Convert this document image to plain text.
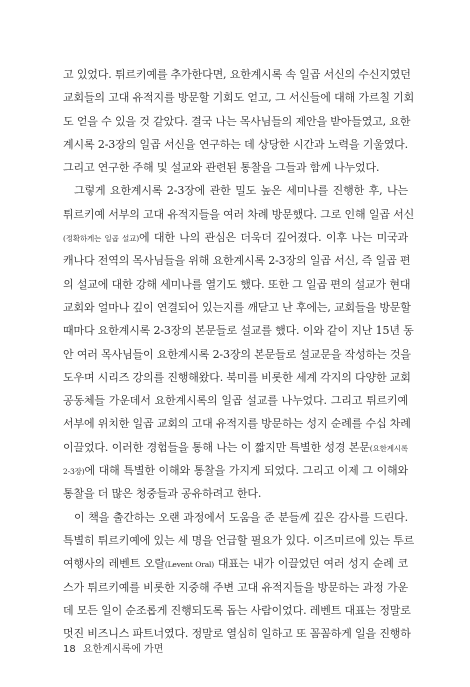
고 있었다. 튀르키예를 추가한다면, 요한계시록 속 일곱 서신의 수신지였던
교회들의 고대 유적지를 방문할 기회도 얻고, 그 서신들에 대해 가르칠 기회
도 얻을 수 있을 것 같았다. 결국 나는 목사님들의 제안을 받아들였고, 요한
계시록 2-3장의 일곱 서신을 연구하는 데 상당한 시간과 노력을 기울였다.
그리고 연구한 주해 및 설교와 관련된 통찰을 그들과 함께 나누었다.
그렇게 요한계시록 2-3장에 관한 밀도 높은 세미나를 진행한 후, 나는
튀르키예 서부의 고대 유적지들을 여러 차례 방문했다. 그로 인해 일곱 서신
(정확하게는 일곱 설교)에 대한 나의 관심은 더욱더 깊어졌다. 이후 나는 미국과
캐나다 전역의 목사님들을 위해 요한계시록 2-3장의 일곱 서신, 즉 일곱 편
의 설교에 대한 강해 세미나를 열기도 했다. 또한 그 일곱 편의 설교가 현대
교회와 얼마나 깊이 연결되어 있는지를 깨닫고 난 후에는, 교회들을 방문할
때마다 요한계시록 2-3장의 본문들로 설교를 했다. 이와 같이 지난 15년 동
안 여러 목사님들이 요한계시록 2-3장의 본문들로 설교문을 작성하는 것을
도우며 시리즈 강의를 진행해왔다. 북미를 비롯한 세계 각지의 다양한 교회
공동체들 가운데서 요한계시록의 일곱 설교를 나누었다. 그리고 튀르키예
서부에 위치한 일곱 교회의 고대 유적지를 방문하는 성지 순례를 수십 차례
이끌었다. 이러한 경험들을 통해 나는 이 짧지만 특별한 성경 본문(요한계시록
2-3장)에 대해 특별한 이해와 통찰을 가지게 되었다. 그리고 이제 그 이해와
통찰을 더 많은 청중들과 공유하려고 한다.
이 책을 출간하는 오랜 과정에서 도움을 준 분들께 깊은 감사를 드린다.
특별히 튀르키예에 있는 세 명을 언급할 필요가 있다. 이즈미르에 있는 투르
여행사의 레벤트 오랄(Levent Oral) 대표는 내가 이끌었던 여러 성지 순례 코
스가 튀르키예를 비롯한 지중해 주변 고대 유적지들을 방문하는 과정 가운
데 모든 일이 순조롭게 진행되도록 돕는 사람이었다. 레벤트 대표는 정말로
멋진 비즈니스 파트너였다. 정말로 열심히 일하고 또 꼼꼼하게 일을 진행하
18 요한계시록에 가면
